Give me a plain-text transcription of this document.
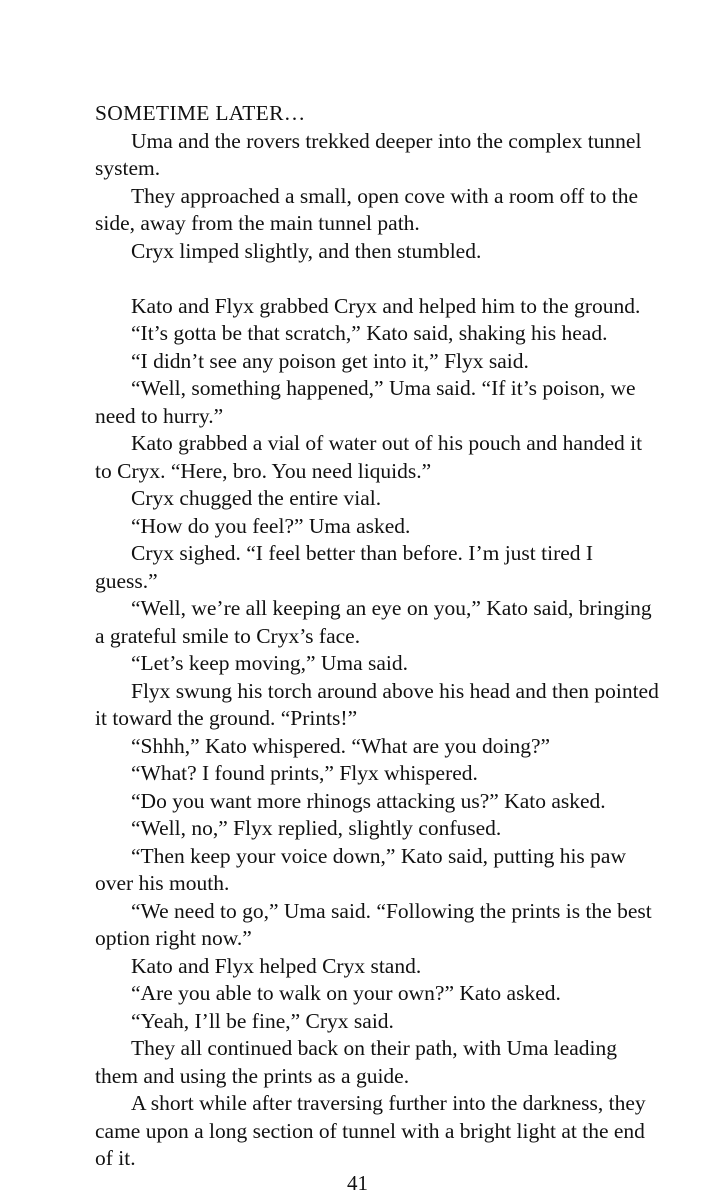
SOMETIME LATER…

Uma and the rovers trekked deeper into the complex tunnel system.

They approached a small, open cove with a room off to the side, away from the main tunnel path.

Cryx limped slightly, and then stumbled.

Kato and Flyx grabbed Cryx and helped him to the ground.

“It’s gotta be that scratch,” Kato said, shaking his head.

“I didn’t see any poison get into it,” Flyx said.

“Well, something happened,” Uma said. “If it’s poison, we need to hurry.”

Kato grabbed a vial of water out of his pouch and handed it to Cryx. “Here, bro. You need liquids.”

Cryx chugged the entire vial.

“How do you feel?” Uma asked.

Cryx sighed. “I feel better than before. I’m just tired I guess.”

“Well, we’re all keeping an eye on you,” Kato said, bringing a grateful smile to Cryx’s face.

“Let’s keep moving,” Uma said.

Flyx swung his torch around above his head and then pointed it toward the ground. “Prints!”

“Shhh,” Kato whispered. “What are you doing?”

“What? I found prints,” Flyx whispered.

“Do you want more rhinogs attacking us?” Kato asked.

“Well, no,” Flyx replied, slightly confused.

“Then keep your voice down,” Kato said, putting his paw over his mouth.

“We need to go,” Uma said. “Following the prints is the best option right now.”

Kato and Flyx helped Cryx stand.

“Are you able to walk on your own?” Kato asked.

“Yeah, I’ll be fine,” Cryx said.

They all continued back on their path, with Uma leading them and using the prints as a guide.

A short while after traversing further into the darkness, they came upon a long section of tunnel with a bright light at the end of it.

41
